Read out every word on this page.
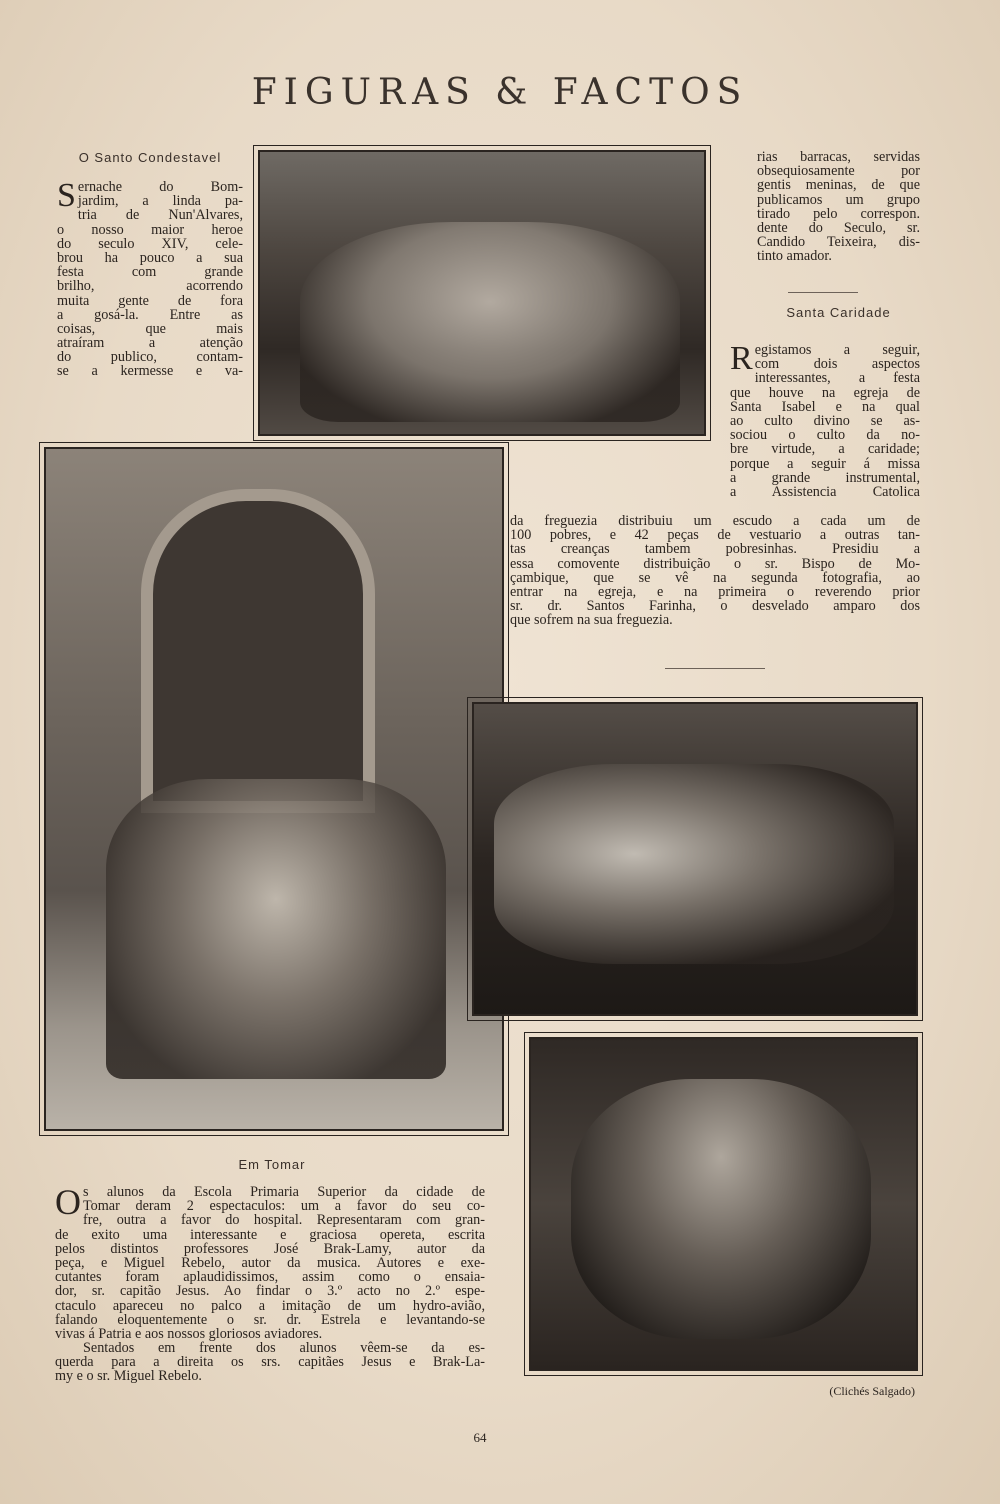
FIGURAS & FACTOS
O Santo Condestavel
S ernache do Bom-
jardim, a linda pa-
tria de Nun'Alvares,
o nosso maior heroe
do seculo XIV, cele-
brou ha pouco a sua
festa com grande
brilho, acorrendo
muita gente de fora
a gosá-la. Entre as
coisas, que mais
atraíram a atenção
do publico, contam-
se a kermesse e va-
rias barracas, servidas
obsequiosamente por
gentis meninas, de que
publicamos um grupo
tirado pelo correspon.
dente do Seculo, sr.
Candido Teixeira, dis-
tinto amador.
Santa Caridade
R egistamos a seguir,
com dois aspectos
interessantes, a festa
que houve na egreja de
Santa Isabel e na qual
ao culto divino se as-
sociou o culto da no-
bre virtude, a caridade;
porque a seguir á missa
a grande instrumental,
a Assistencia Catolica
da freguezia distribuiu um escudo a cada um de
100 pobres, e 42 peças de vestuario a outras tan-
tas creanças tambem pobresinhas. Presidiu a
essa comovente distribuição o sr. Bispo de Mo-
çambique, que se vê na segunda fotografia, ao
entrar na egreja, e na primeira o reverendo prior
sr. dr. Santos Farinha, o desvelado amparo dos
que sofrem na sua freguezia.
Em Tomar
O s alunos da Escola Primaria Superior da cidade de
Tomar deram 2 espectaculos: um a favor do seu co-
fre, outra a favor do hospital. Representaram com gran-
de exito uma interessante e graciosa opereta, escrita
pelos distintos professores José Brak-Lamy, autor da
peça, e Miguel Rebelo, autor da musica. Autores e exe-
cutantes foram aplaudidissimos, assim como o ensaia-
dor, sr. capitão Jesus. Ao findar o 3.º acto no 2.º espe-
ctaculo apareceu no palco a imitação de um hydro-avião,
falando eloquentemente o sr. dr. Estrela e levantando-se
vivas á Patria e aos nossos gloriosos aviadores.
Sentados em frente dos alunos vêem-se da es-
querda para a direita os srs. capitães Jesus e Brak-La-
my e o sr. Miguel Rebelo.
(Clichés Salgado)
64
